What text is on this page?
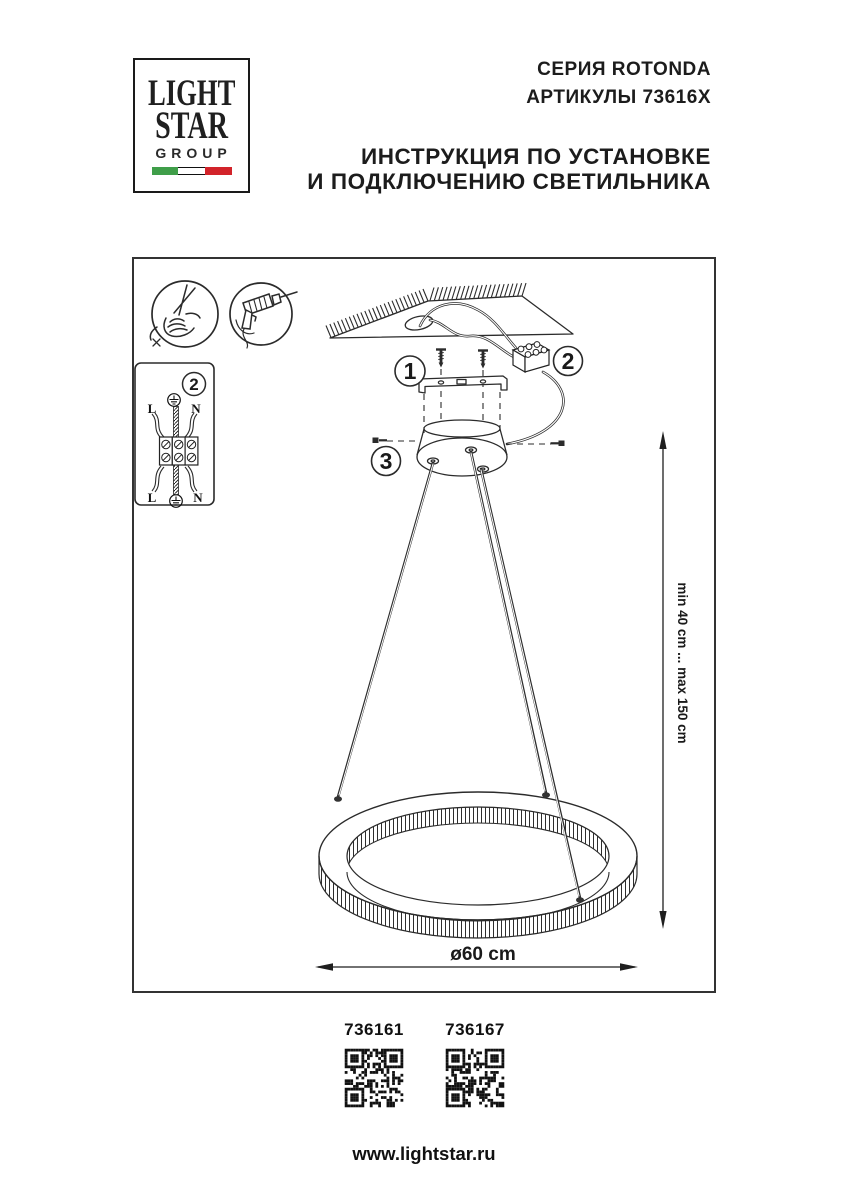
LIGHT
STAR
GROUP
СЕРИЯ ROTONDA
АРТИКУЛЫ 73616X
ИНСТРУКЦИЯ ПО УСТАНОВКЕ
И ПОДКЛЮЧЕНИЮ СВЕТИЛЬНИКА
2
L	N
L	N
2
1
3
ø60 cm
min 40 cm ... max 150 cm
736161	736167
www.lightstar.ru
